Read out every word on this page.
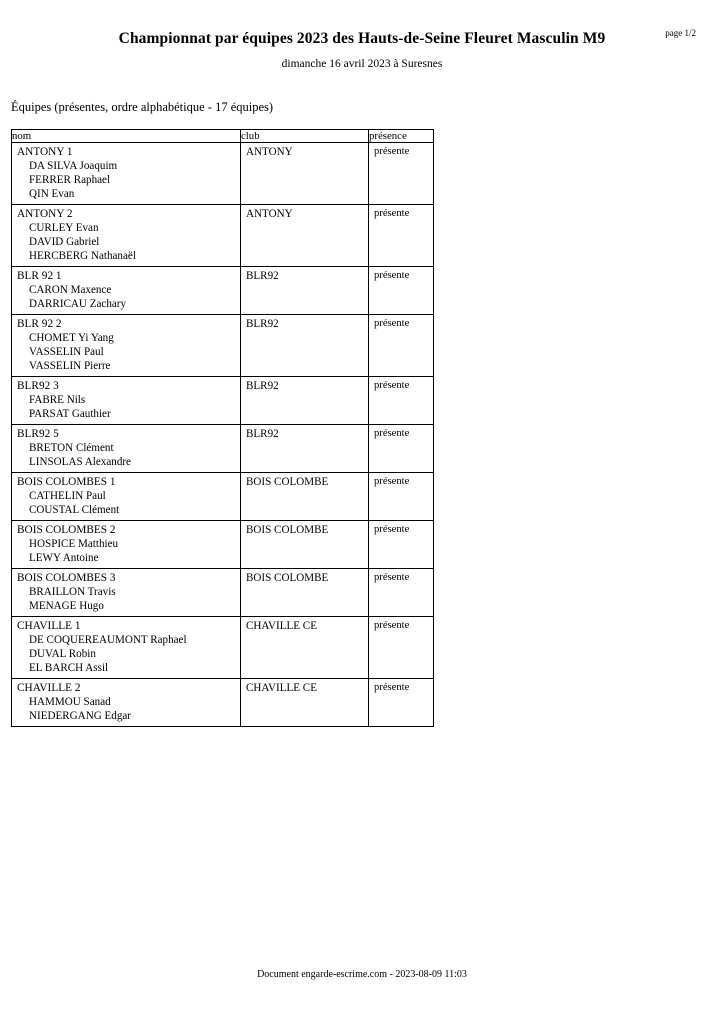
page 1/2
Championnat par équipes 2023 des Hauts-de-Seine Fleuret Masculin M9
dimanche 16 avril 2023 à Suresnes
Équipes (présentes, ordre alphabétique - 17 équipes)
nom	club	présence

ANTONY 1
DA SILVA Joaquim
FERRER Raphael
QIN Evan	ANTONY	présente

ANTONY 2
CURLEY Evan
DAVID Gabriel
HERCBERG Nathanaël	ANTONY	présente

BLR 92 1
CARON Maxence
DARRICAU Zachary	BLR92	présente

BLR 92 2
CHOMET Yi Yang
VASSELIN Paul
VASSELIN Pierre	BLR92	présente

BLR92 3
FABRE Nils
PARSAT Gauthier	BLR92	présente

BLR92 5
BRETON Clément
LINSOLAS Alexandre	BLR92	présente

BOIS COLOMBES 1
CATHELIN Paul
COUSTAL Clément	BOIS COLOMBE	présente

BOIS COLOMBES 2
HOSPICE Matthieu
LEWY Antoine	BOIS COLOMBE	présente

BOIS COLOMBES 3
BRAILLON Travis
MENAGE Hugo	BOIS COLOMBE	présente

CHAVILLE 1
DE COQUEREAUMONT Raphael
DUVAL Robin
EL BARCH Assil	CHAVILLE CE	présente

CHAVILLE 2
HAMMOU Sanad
NIEDERGANG Edgar	CHAVILLE CE	présente
Document engarde-escrime.com - 2023-08-09 11:03
